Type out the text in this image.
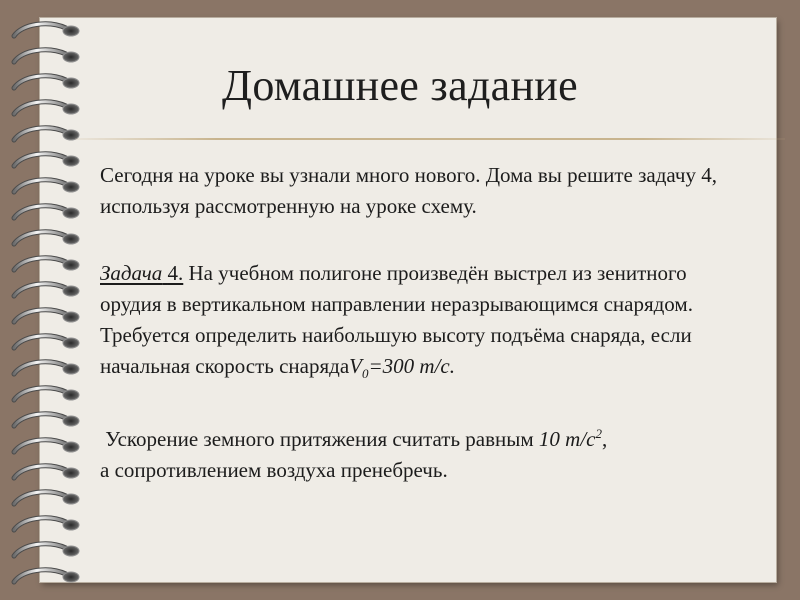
Домашнее задание

Сегодня на уроке вы узнали много нового. Дома вы решите задачу 4, используя рассмотренную на уроке схему.

Задача 4. На учебном полигоне произведён выстрел из зенитного орудия в вертикальном направлении неразрывающимся снарядом. Требуется определить наибольшую высоту подъёма снаряда, если начальная скорость снарядаV$_0$=300 т/с.

Ускорение земного притяжения считать равным 10 $т/с^2$,
а сопротивлением воздуха пренебречь.
